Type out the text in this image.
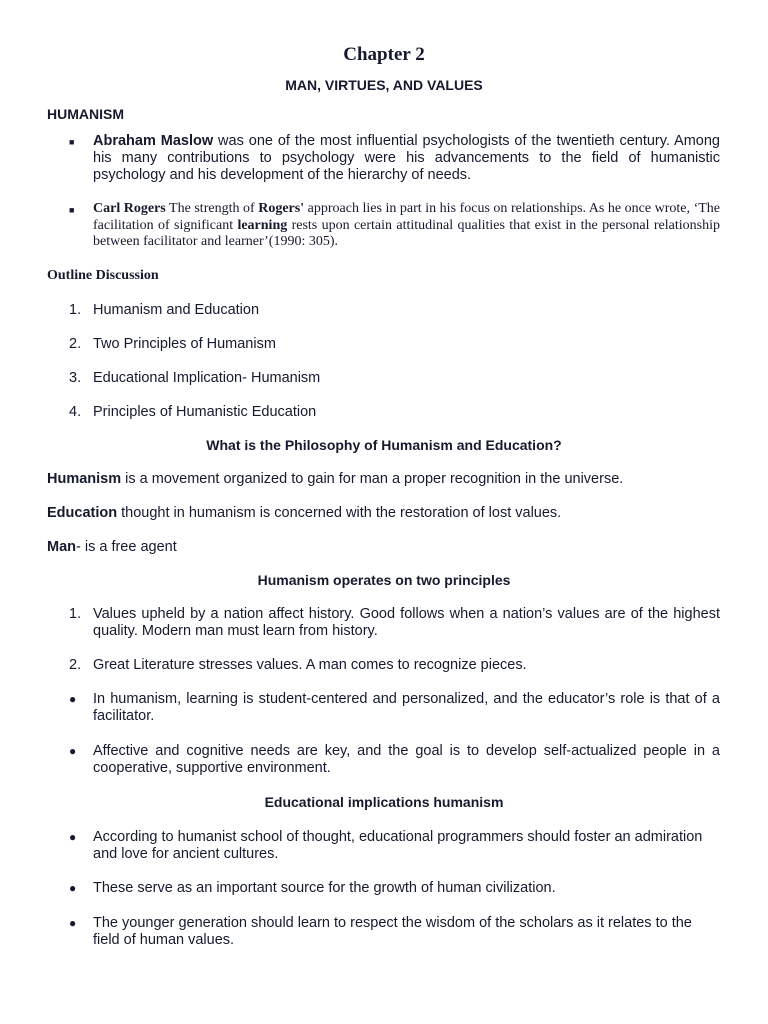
Chapter 2
MAN, VIRTUES, AND VALUES
HUMANISM
■ Abraham Maslow was one of the most influential psychologists of the twentieth century. Among his many contributions to psychology were his advancements to the field of humanistic psychology and his development of the hierarchy of needs.
■ Carl Rogers The strength of Rogers' approach lies in part in his focus on relationships. As he once wrote, ‘The facilitation of significant learning rests upon certain attitudinal qualities that exist in the personal relationship between facilitator and learner’(1990: 305).
Outline Discussion
1. Humanism and Education
2. Two Principles of Humanism
3. Educational Implication- Humanism
4. Principles of Humanistic Education
What is the Philosophy of Humanism and Education?
Humanism is a movement organized to gain for man a proper recognition in the universe.
Education thought in humanism is concerned with the restoration of lost values.
Man- is a free agent
Humanism operates on two principles
1. Values upheld by a nation affect history. Good follows when a nation’s values are of the highest quality. Modern man must learn from history.
2. Great Literature stresses values. A man comes to recognize pieces.
● In humanism, learning is student-centered and personalized, and the educator’s role is that of a facilitator.
● Affective and cognitive needs are key, and the goal is to develop self-actualized people in a cooperative, supportive environment.
Educational implications humanism
● According to humanist school of thought, educational programmers should foster an admiration and love for ancient cultures.
● These serve as an important source for the growth of human civilization.
● The younger generation should learn to respect the wisdom of the scholars as it relates to the field of human values.
